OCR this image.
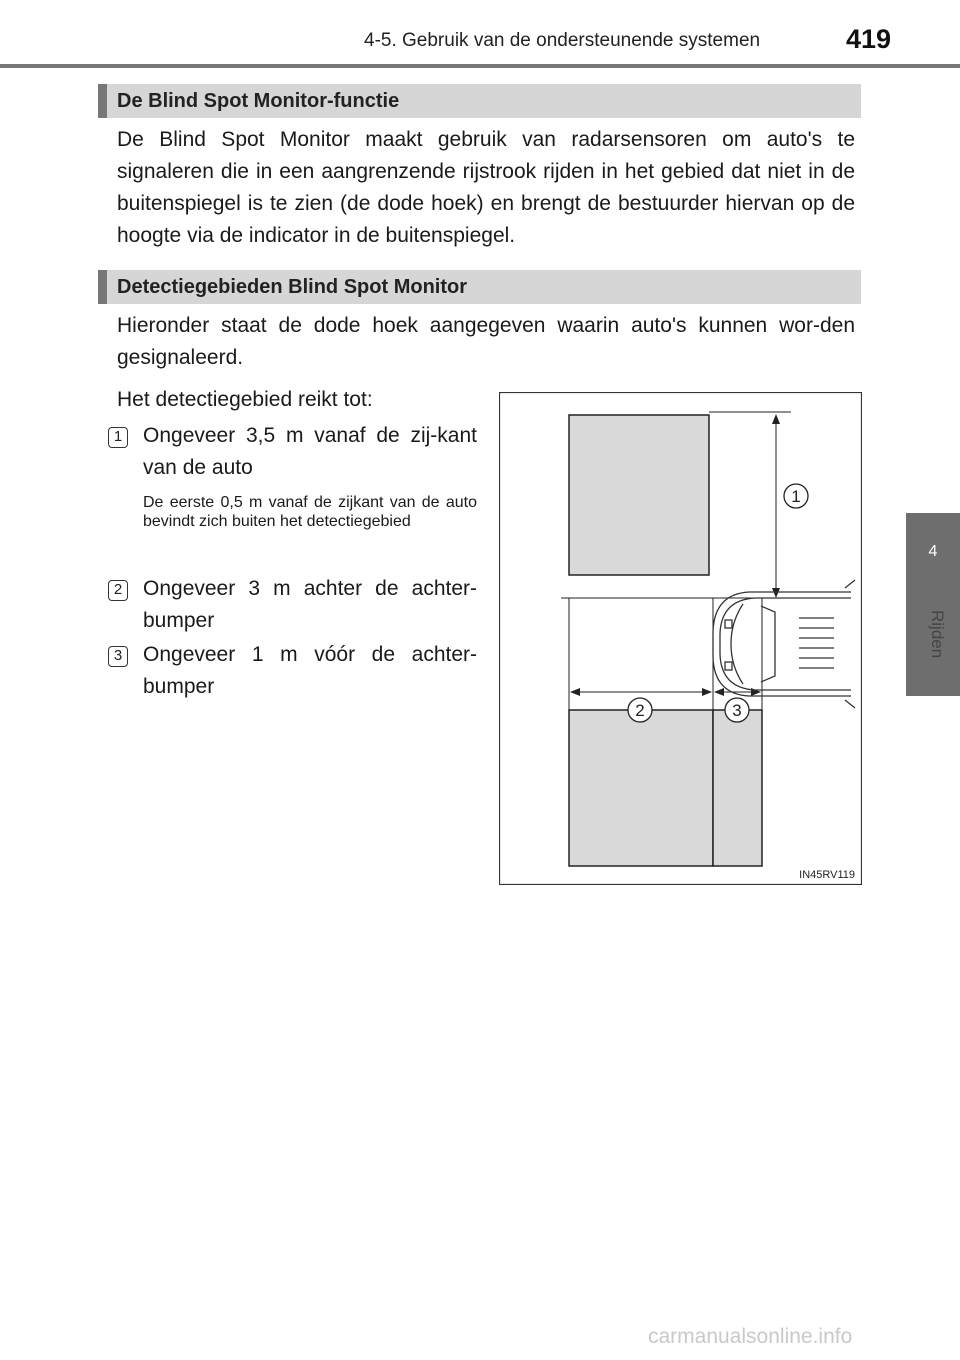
4-5. Gebruik van de ondersteunende systemen	419
4
Rijden
De Blind Spot Monitor-functie
De Blind Spot Monitor maakt gebruik van radarsensoren om auto's te signaleren die in een aangrenzende rijstrook rijden in het gebied dat niet in de buitenspiegel is te zien (de dode hoek) en brengt de bestuurder hiervan op de hoogte via de indicator in de buitenspiegel.
Detectiegebieden Blind Spot Monitor
Hieronder staat de dode hoek aangegeven waarin auto's kunnen wor-den gesignaleerd.
Het detectiegebied reikt tot:
1 Ongeveer 3,5 m vanaf de zij-kant van de auto
De eerste 0,5 m vanaf de zijkant van de auto bevindt zich buiten het detectiegebied
2 Ongeveer 3 m achter de achter-bumper
3 Ongeveer 1 m vóór de achter-bumper
1
2	3
IN45RV119
carmanualsonline.info
